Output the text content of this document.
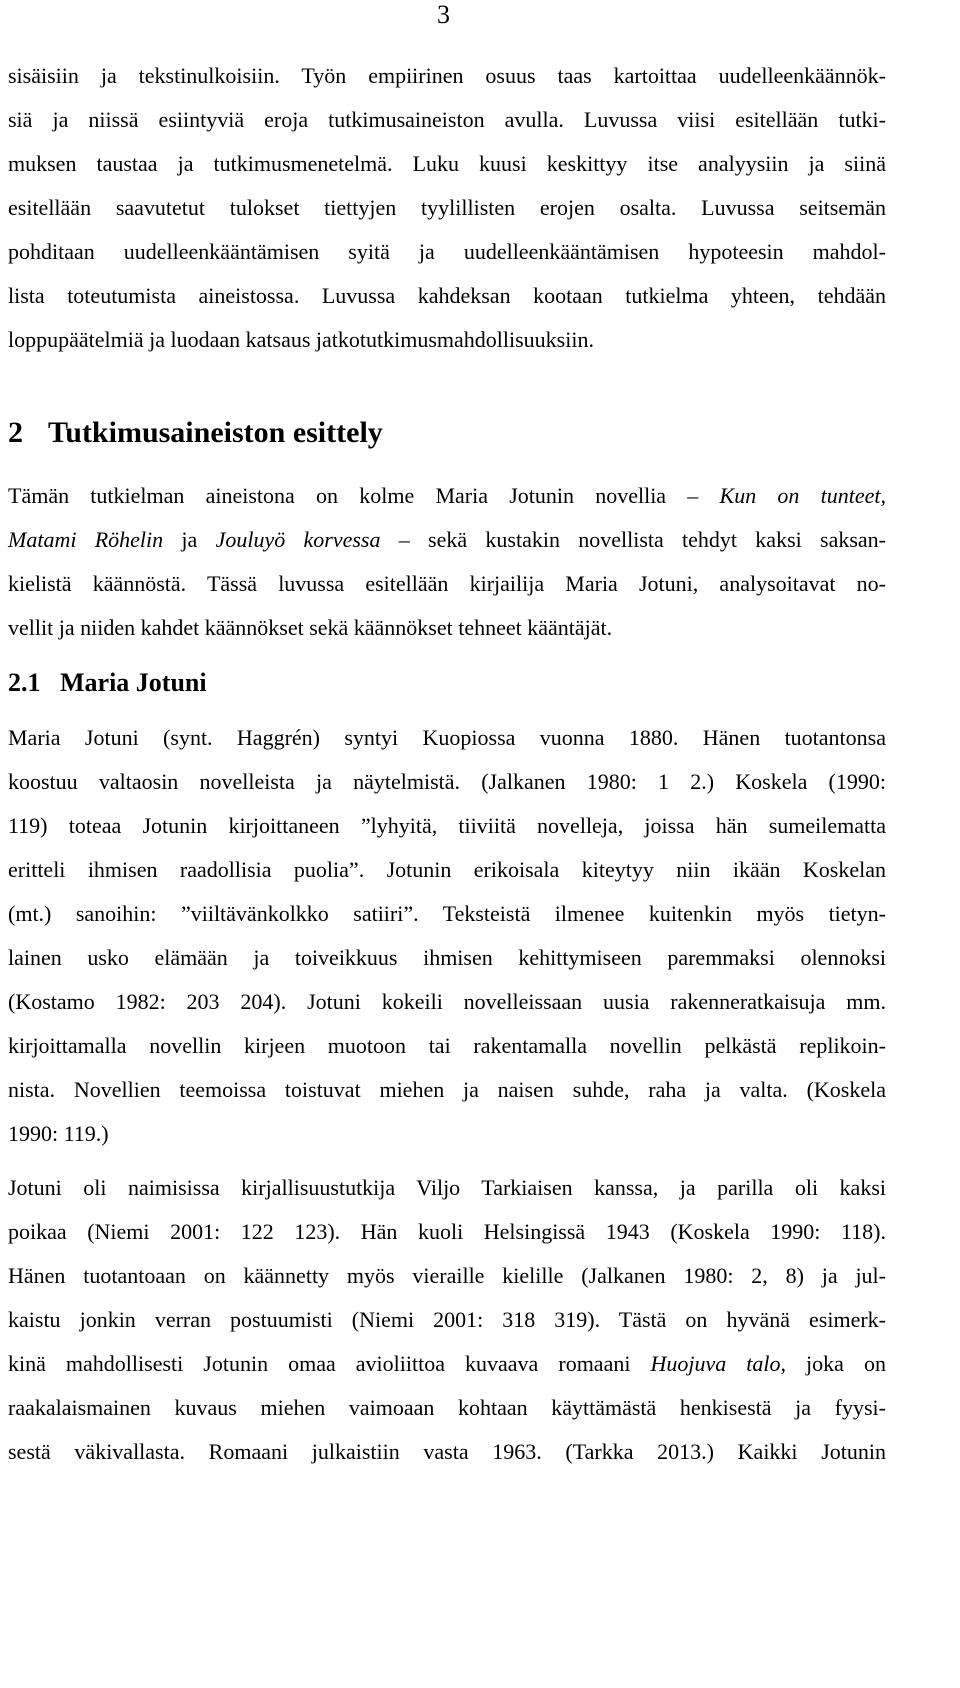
3
sisäisiin ja tekstinulkoisiin. Työn empiirinen osuus taas kartoittaa uudelleenkäännök-
siä ja niissä esiintyviä eroja tutkimusaineiston avulla. Luvussa viisi esitellään tutki-
muksen taustaa ja tutkimusmenetelmä. Luku kuusi keskittyy itse analyysiin ja siinä
esitellään saavutetut tulokset tiettyjen tyylillisten erojen osalta. Luvussa seitsemän
pohditaan uudelleenkääntämisen syitä ja uudelleenkääntämisen hypoteesin mahdol-
lista toteutumista aineistossa. Luvussa kahdeksan kootaan tutkielma yhteen, tehdään
loppupäätelmiä ja luodaan katsaus jatkotutkimusmahdollisuuksiin.
2 Tutkimusaineiston esittely
Tämän tutkielman aineistona on kolme Maria Jotunin novellia – Kun on tunteet,
Matami Röhelin ja Jouluyö korvessa – sekä kustakin novellista tehdyt kaksi saksan-
kielistä käännöstä. Tässä luvussa esitellään kirjailija Maria Jotuni, analysoitavat no-
vellit ja niiden kahdet käännökset sekä käännökset tehneet kääntäjät.
2.1 Maria Jotuni
Maria Jotuni (synt. Haggrén) syntyi Kuopiossa vuonna 1880. Hänen tuotantonsa
koostuu valtaosin novelleista ja näytelmistä. (Jalkanen 1980: 1 2.) Koskela (1990:
119) toteaa Jotunin kirjoittaneen ”lyhyitä, tiiviitä novelleja, joissa hän sumeilematta
eritteli ihmisen raadollisia puolia”. Jotunin erikoisala kiteytyy niin ikään Koskelan
(mt.) sanoihin: ”viiltävänkolkko satiiri”. Teksteistä ilmenee kuitenkin myös tietyn-
lainen usko elämään ja toiveikkuus ihmisen kehittymiseen paremmaksi olennoksi
(Kostamo 1982: 203 204). Jotuni kokeili novelleissaan uusia rakenneratkaisuja mm.
kirjoittamalla novellin kirjeen muotoon tai rakentamalla novellin pelkästä replikoin-
nista. Novellien teemoissa toistuvat miehen ja naisen suhde, raha ja valta. (Koskela
1990: 119.)
Jotuni oli naimisissa kirjallisuustutkija Viljo Tarkiaisen kanssa, ja parilla oli kaksi
poikaa (Niemi 2001: 122 123). Hän kuoli Helsingissä 1943 (Koskela 1990: 118).
Hänen tuotantoaan on käännetty myös vieraille kielille (Jalkanen 1980: 2, 8) ja jul-
kaistu jonkin verran postuumisti (Niemi 2001: 318 319). Tästä on hyvänä esimerk-
kinä mahdollisesti Jotunin omaa avioliittoa kuvaava romaani Huojuva talo, joka on
raakalaismainen kuvaus miehen vaimoaan kohtaan käyttämästä henkisestä ja fyysi-
sestä väkivallasta. Romaani julkaistiin vasta 1963. (Tarkka 2013.) Kaikki Jotunin
